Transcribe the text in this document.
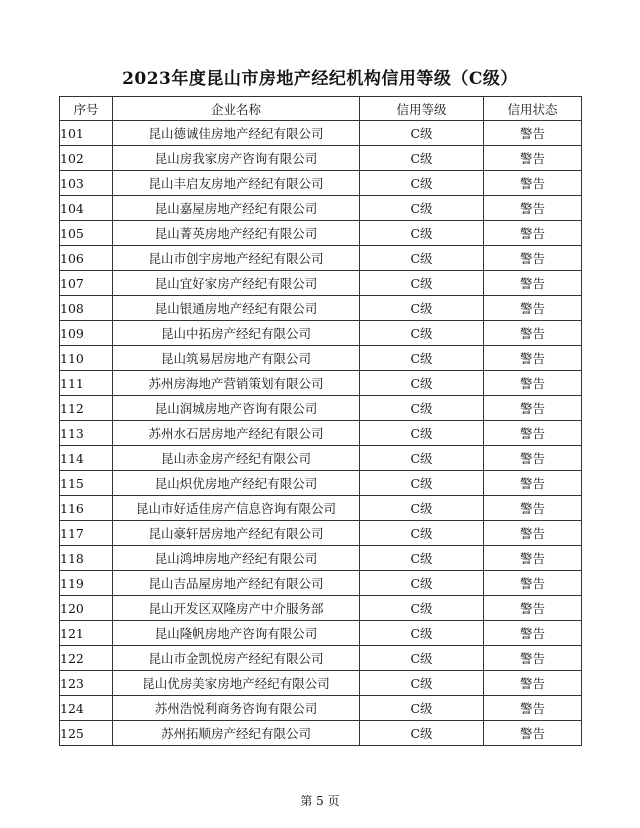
2023年度昆山市房地产经纪机构信用等级（C级）
序号	企业名称	信用等级	信用状态
101	昆山德诚佳房地产经纪有限公司	C级	警告
102	昆山房我家房产咨询有限公司	C级	警告
103	昆山丰启友房地产经纪有限公司	C级	警告
104	昆山嘉屋房地产经纪有限公司	C级	警告
105	昆山菁英房地产经纪有限公司	C级	警告
106	昆山市创宇房地产经纪有限公司	C级	警告
107	昆山宜好家房产经纪有限公司	C级	警告
108	昆山银通房地产经纪有限公司	C级	警告
109	昆山中拓房产经纪有限公司	C级	警告
110	昆山筑易居房地产有限公司	C级	警告
111	苏州房海地产营销策划有限公司	C级	警告
112	昆山润城房地产咨询有限公司	C级	警告
113	苏州水石居房地产经纪有限公司	C级	警告
114	昆山赤金房产经纪有限公司	C级	警告
115	昆山炽优房地产经纪有限公司	C级	警告
116	昆山市好适佳房产信息咨询有限公司	C级	警告
117	昆山豪轩居房地产经纪有限公司	C级	警告
118	昆山鸿坤房地产经纪有限公司	C级	警告
119	昆山吉品屋房地产经纪有限公司	C级	警告
120	昆山开发区双隆房产中介服务部	C级	警告
121	昆山隆帆房地产咨询有限公司	C级	警告
122	昆山市金凯悦房产经纪有限公司	C级	警告
123	昆山优房美家房地产经纪有限公司	C级	警告
124	苏州浩悦利商务咨询有限公司	C级	警告
125	苏州拓顺房产经纪有限公司	C级	警告
第 5 页
